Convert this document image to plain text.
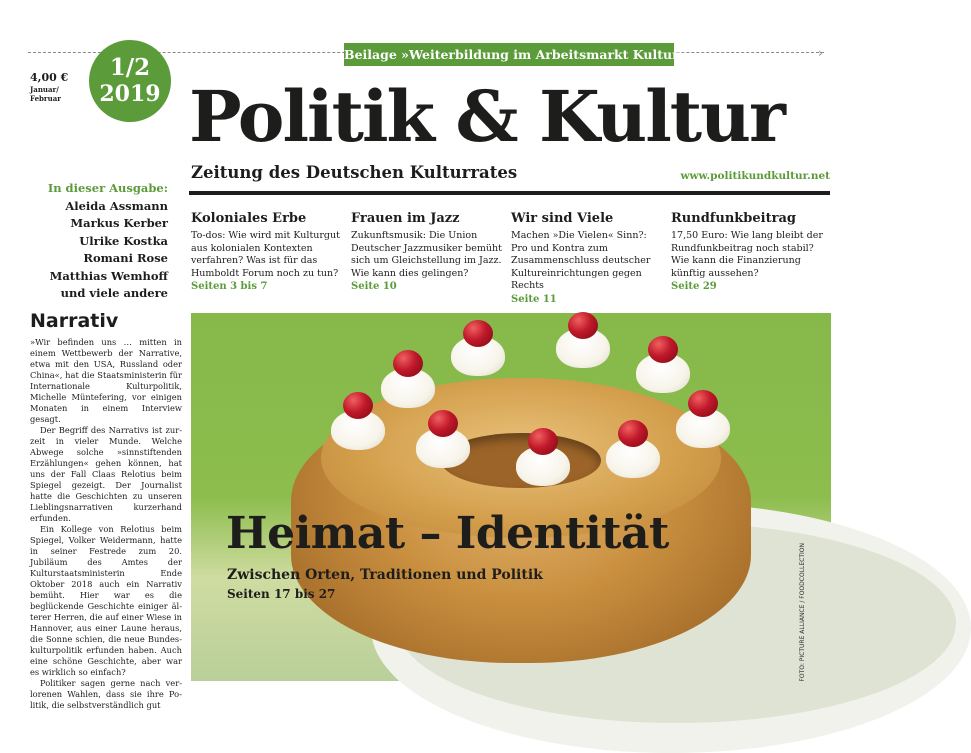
›
Beilage »Weiterbildung im Arbeitsmarkt Kultur«
4,00 €
Januar/ Februar
1/2
2019 Politik & Kultur
Zeitung des Deutschen Kulturrates	www.politikundkultur.net
In dieser Ausgabe:
Aleida Assmann
Markus Kerber
Ulrike Kostka
Romani Rose
Matthias Wemhoff
und viele andere
Koloniales Erbe
To-dos: Wie wird mit Kulturgut aus kolonialen Kontexten verfahren? Was ist für das Humboldt Forum noch zu tun?
Seiten 3 bis 7
Frauen im Jazz
Zukunftsmusik: Die Union Deutscher Jazzmusiker bemüht sich um Gleichstellung im Jazz. Wie kann dies gelingen?
Seite 10
Wir sind Viele
Machen »Die Vielen« Sinn?: Pro und Kontra zum Zusammenschluss deutscher Kultureinrichtungen gegen Rechts
Seite 11
Rundfunkbeitrag
17,50 Euro: Wie lang bleibt der Rundfunkbeitrag noch stabil? Wie kann die Finanzierung künftig aussehen?
Seite 29
Narrativ

»Wir befinden uns … mitten in einem Wettbewerb der Narrative, etwa mit den USA, Russland oder China«, hat die Staatsministerin für Internationale Kulturpolitik, Michelle Müntefering, vor einigen Monaten in einem Interview gesagt.

Der Begriff des Narrativs ist zurzeit in vieler Munde. Welche Abwege solche »sinnstiftenden Erzählungen« gehen können, hat uns der Fall Claas Relotius beim Spiegel gezeigt. Der Journalist hatte die Geschichten zu unseren Lieblingsnarrativen kurzerhand erfunden.

Ein Kollege von Relotius beim Spiegel, Volker Weidermann, hatte in seiner Festrede zum 20. Jubiläum des Amtes der Kulturstaatsministerin Ende Oktober 2018 auch ein Narrativ bemüht. Hier war es die beglückende Geschichte einiger älterer Herren, die auf einer Wiese in Hannover, aus einer Laune heraus, die Sonne schien, die neue Bundeskulturpolitik erfunden haben. Auch eine schöne Geschichte, aber war es wirklich so einfach?

Politiker sagen gerne nach verlorenen Wahlen, dass sie ihre Politik, die selbstverständlich gut

Heimat – Identität
Zwischen Orten, Traditionen und Politik
Seiten 17 bis 27	FOTO: PICTURE ALLIANCE / FOODCOLLECTION
